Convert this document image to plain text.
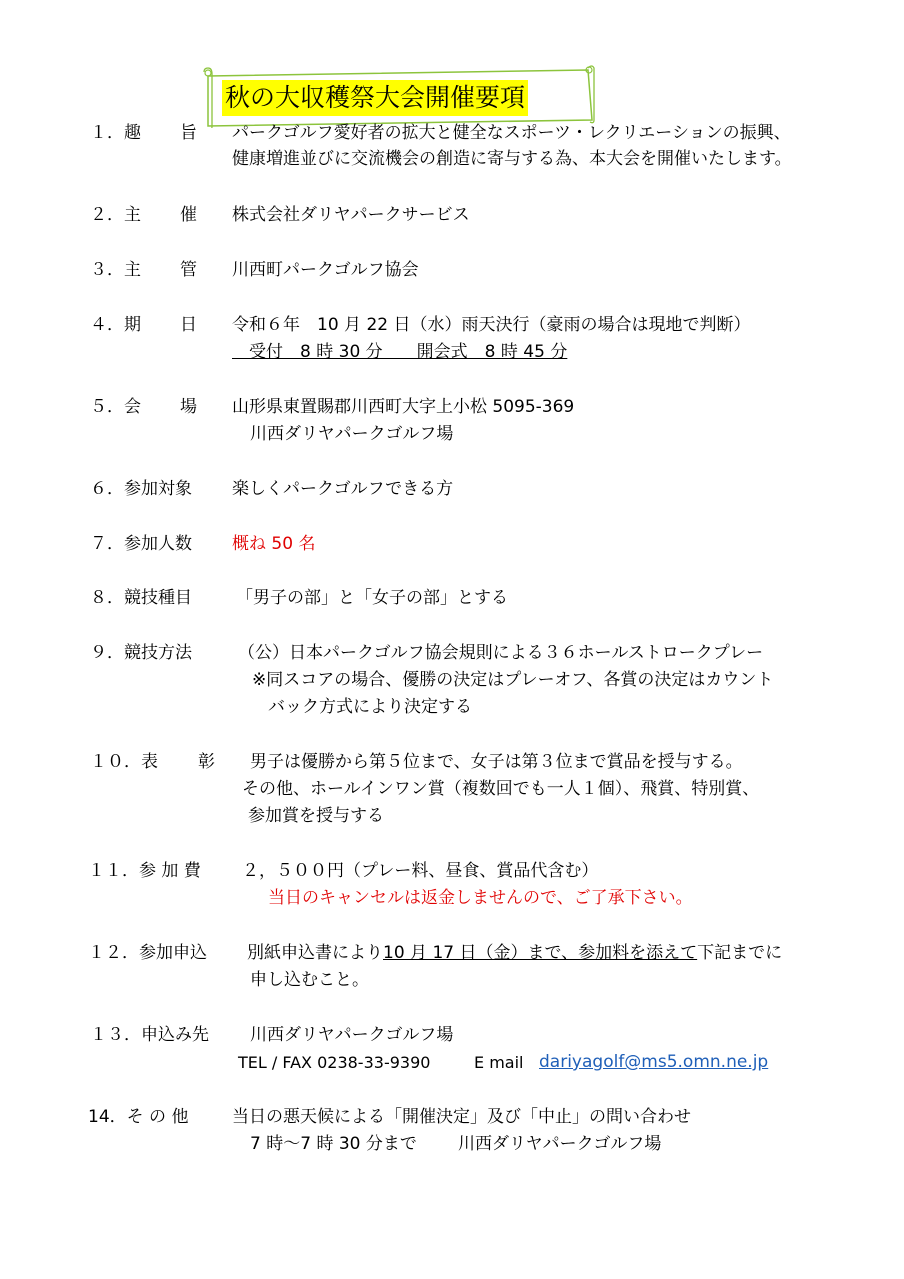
秋の大収穫祭大会開催要項
１．趣 旨 パークゴルフ愛好者の拡大と健全なスポーツ・レクリエーションの振興、
健康増進並びに交流機会の創造に寄与する為、本大会を開催いたします。
２．主 催 株式会社ダリヤパークサービス
３．主 管 川西町パークゴルフ協会
４．期 日 令和６年　10 月 22 日（水）雨天決行（豪雨の場合は現地で判断）
　受付　8 時 30 分　　開会式　8 時 45 分
５．会 場 山形県東置賜郡川西町大字上小松 5095-369
川西ダリヤパークゴルフ場
６．参加対象 楽しくパークゴルフできる方
７．参加人数 概ね 50 名
８．競技種目	「男子の部」と「女子の部」とする
９．競技方法	（公）日本パークゴルフ協会規則による３６ホールストロークプレー
※同スコアの場合、優勝の決定はプレーオフ、各賞の決定はカウント
バック方式により決定する
１０．表 彰 男子は優勝から第５位まで、女子は第３位まで賞品を授与する。
その他、ホールインワン賞（複数回でも一人１個）、飛賞、特別賞、
参加賞を授与する
１１．参 加 費 ２，５００円（プレー料、昼食、賞品代含む）
当日のキャンセルは返金しませんので、ご了承下さい。
１２．参加申込 別紙申込書により10 月 17 日（金）まで、参加料を添えて下記までに
申し込むこと。
１３．申込み先 川西ダリヤパークゴルフ場
TEL / FAX 0238-33-9390	E mail dariyagolf@ms5.omn.ne.jp
14．そ の 他	当日の悪天候による「開催決定」及び「中止」の問い合わせ
7 時～7 時 30 分まで 川西ダリヤパークゴルフ場
